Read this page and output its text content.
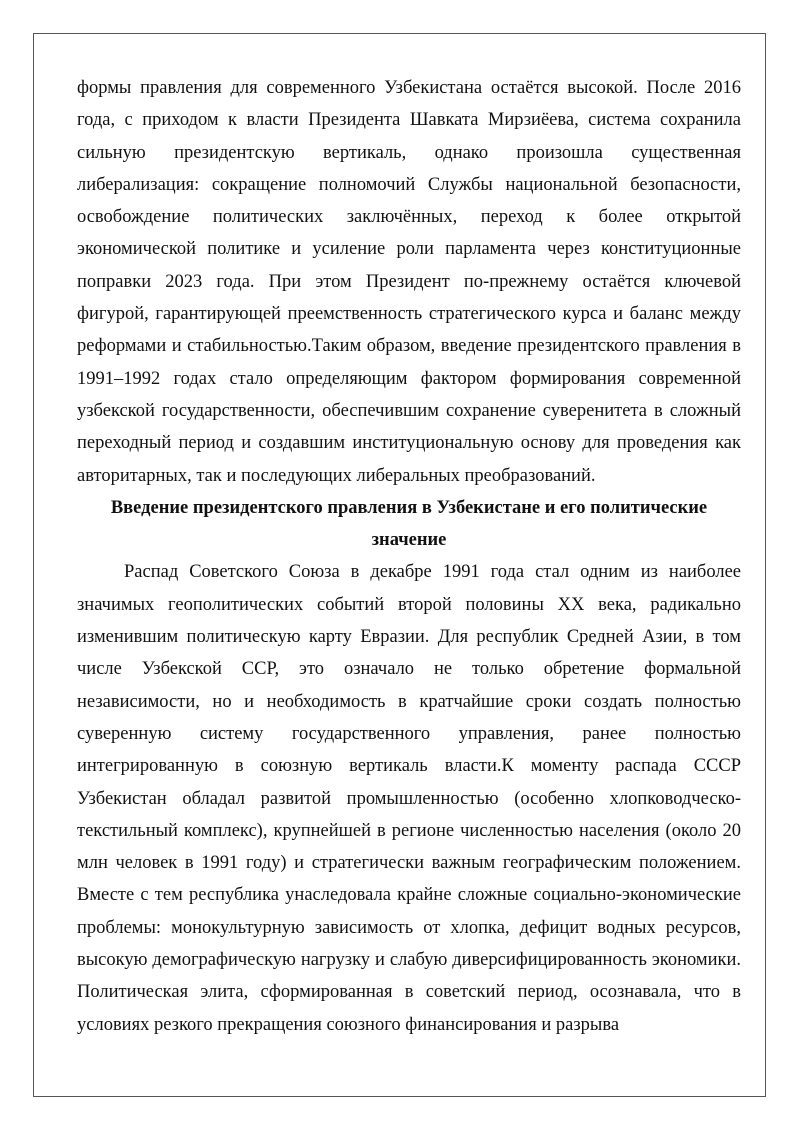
формы правления для современного Узбекистана остаётся высокой. После 2016 года, с приходом к власти Президента Шавката Мирзиёева, система сохранила сильную президентскую вертикаль, однако произошла существенная либерализация: сокращение полномочий Службы национальной безопасности, освобождение политических заключённых, переход к более открытой экономической политике и усиление роли парламента через конституционные поправки 2023 года. При этом Президент по-прежнему остаётся ключевой фигурой, гарантирующей преемственность стратегического курса и баланс между реформами и стабильностью.Таким образом, введение президентского правления в 1991–1992 годах стало определяющим фактором формирования современной узбекской государственности, обеспечившим сохранение суверенитета в сложный переходный период и создавшим институциональную основу для проведения как авторитарных, так и последующих либеральных преобразований.

Введение президентского правления в Узбекистане и его политические значение

Распад Советского Союза в декабре 1991 года стал одним из наиболее значимых геополитических событий второй половины XX века, радикально изменившим политическую карту Евразии. Для республик Средней Азии, в том числе Узбекской ССР, это означало не только обретение формальной независимости, но и необходимость в кратчайшие сроки создать полностью суверенную систему государственного управления, ранее полностью интегрированную в союзную вертикаль власти.К моменту распада СССР Узбекистан обладал развитой промышленностью (особенно хлопководческо-текстильный комплекс), крупнейшей в регионе численностью населения (около 20 млн человек в 1991 году) и стратегически важным географическим положением. Вместе с тем республика унаследовала крайне сложные социально-экономические проблемы: монокультурную зависимость от хлопка, дефицит водных ресурсов, высокую демографическую нагрузку и слабую диверсифицированность экономики. Политическая элита, сформированная в советский период, осознавала, что в условиях резкого прекращения союзного финансирования и разрыва
